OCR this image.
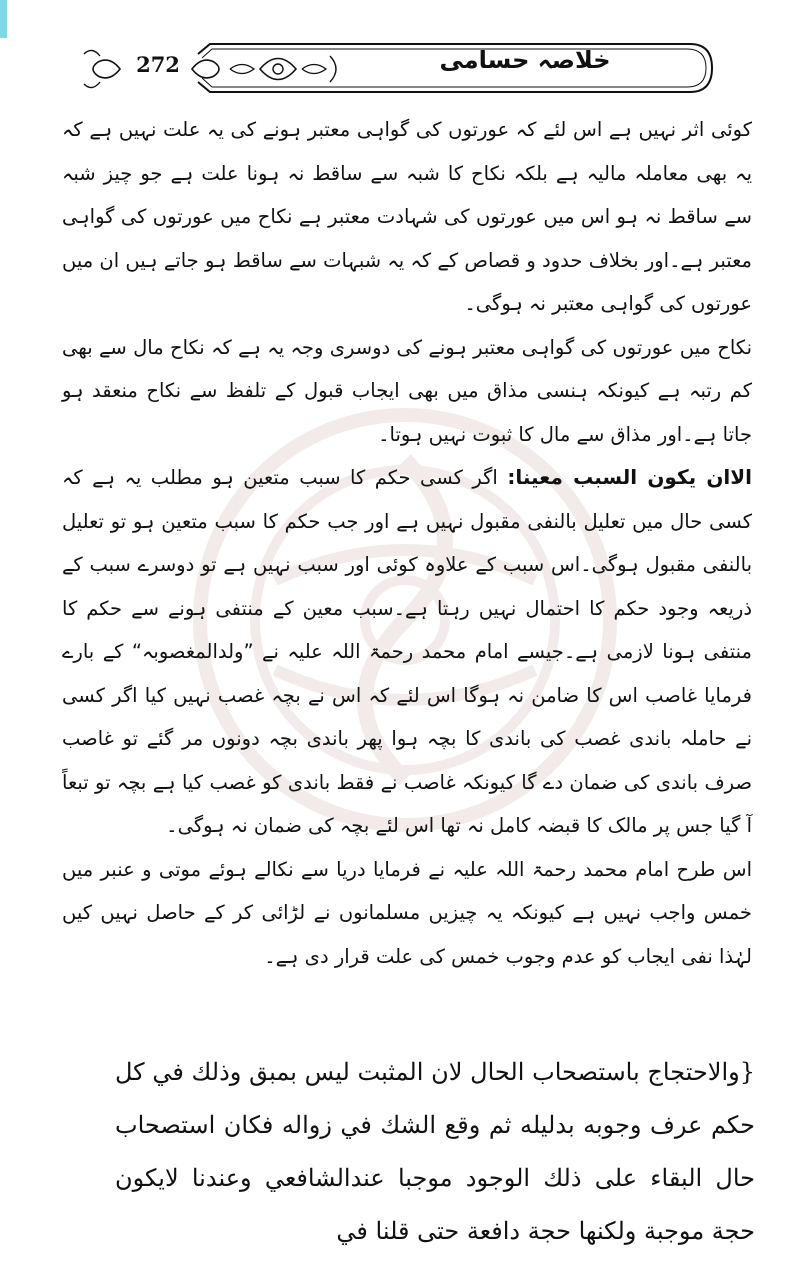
272	خلاصہ حسامی

کوئی اثر نہیں ہے اس لئے کہ عورتوں کی گواہی معتبر ہونے کی یہ علت نہیں ہے کہ یہ بھی معاملہ مالیہ ہے بلکہ نکاح کا شبہ سے ساقط نہ ہونا علت ہے جو چیز شبہ سے ساقط نہ ہو اس میں عورتوں کی شہادت معتبر ہے نکاح میں عورتوں کی گواہی معتبر ہے۔اور بخلاف حدود و قصاص کے کہ یہ شبہات سے ساقط ہو جاتے ہیں ان میں عورتوں کی گواہی معتبر نہ ہوگی۔

نکاح میں عورتوں کی گواہی معتبر ہونے کی دوسری وجہ یہ ہے کہ نکاح مال سے بھی کم رتبہ ہے کیونکہ ہنسی مذاق میں بھی ایجاب قبول کے تلفظ سے نکاح منعقد ہو جاتا ہے۔اور مذاق سے مال کا ثبوت نہیں ہوتا۔

الاان یکون السبب معینا: اگر کسی حکم کا سبب متعین ہو مطلب یہ ہے کہ کسی حال میں تعلیل بالنفی مقبول نہیں ہے اور جب حکم کا سبب متعین ہو تو تعلیل بالنفی مقبول ہوگی۔اس سبب کے علاوہ کوئی اور سبب نہیں ہے تو دوسرے سبب کے ذریعہ وجود حکم کا احتمال نہیں رہتا ہے۔سبب معین کے منتفی ہونے سے حکم کا منتفی ہونا لازمی ہے۔جیسے امام محمد رحمۃ اللہ علیہ نے ”ولدالمغصوبہ“ کے بارے فرمایا غاصب اس کا ضامن نہ ہوگا اس لئے کہ اس نے بچہ غصب نہیں کیا اگر کسی نے حاملہ باندی غصب کی باندی کا بچہ ہوا پھر باندی بچہ دونوں مر گئے تو غاصب صرف باندی کی ضمان دے گا کیونکہ غاصب نے فقط باندی کو غصب کیا ہے بچہ تو تبعاً آ گیا جس پر مالک کا قبضہ کامل نہ تھا اس لئے بچہ کی ضمان نہ ہوگی۔

اس طرح امام محمد رحمۃ اللہ علیہ نے فرمایا دریا سے نکالے ہوئے موتی و عنبر میں خمس واجب نہیں ہے کیونکہ یہ چیزیں مسلمانوں نے لڑائی کر کے حاصل نہیں کیں لہٰذا نفی ایجاب کو عدم وجوب خمس کی علت قرار دی ہے۔

{والاحتجاج باستصحاب الحال لان المثبت ليس بمبق وذلك في كل حكم عرف وجوبه بدليله ثم وقع الشك في زواله فكان استصحاب حال البقاء على ذلك الوجود موجبا عندالشافعي وعندنا لايكون حجة موجبة ولكنها حجة دافعة حتى قلنا في
